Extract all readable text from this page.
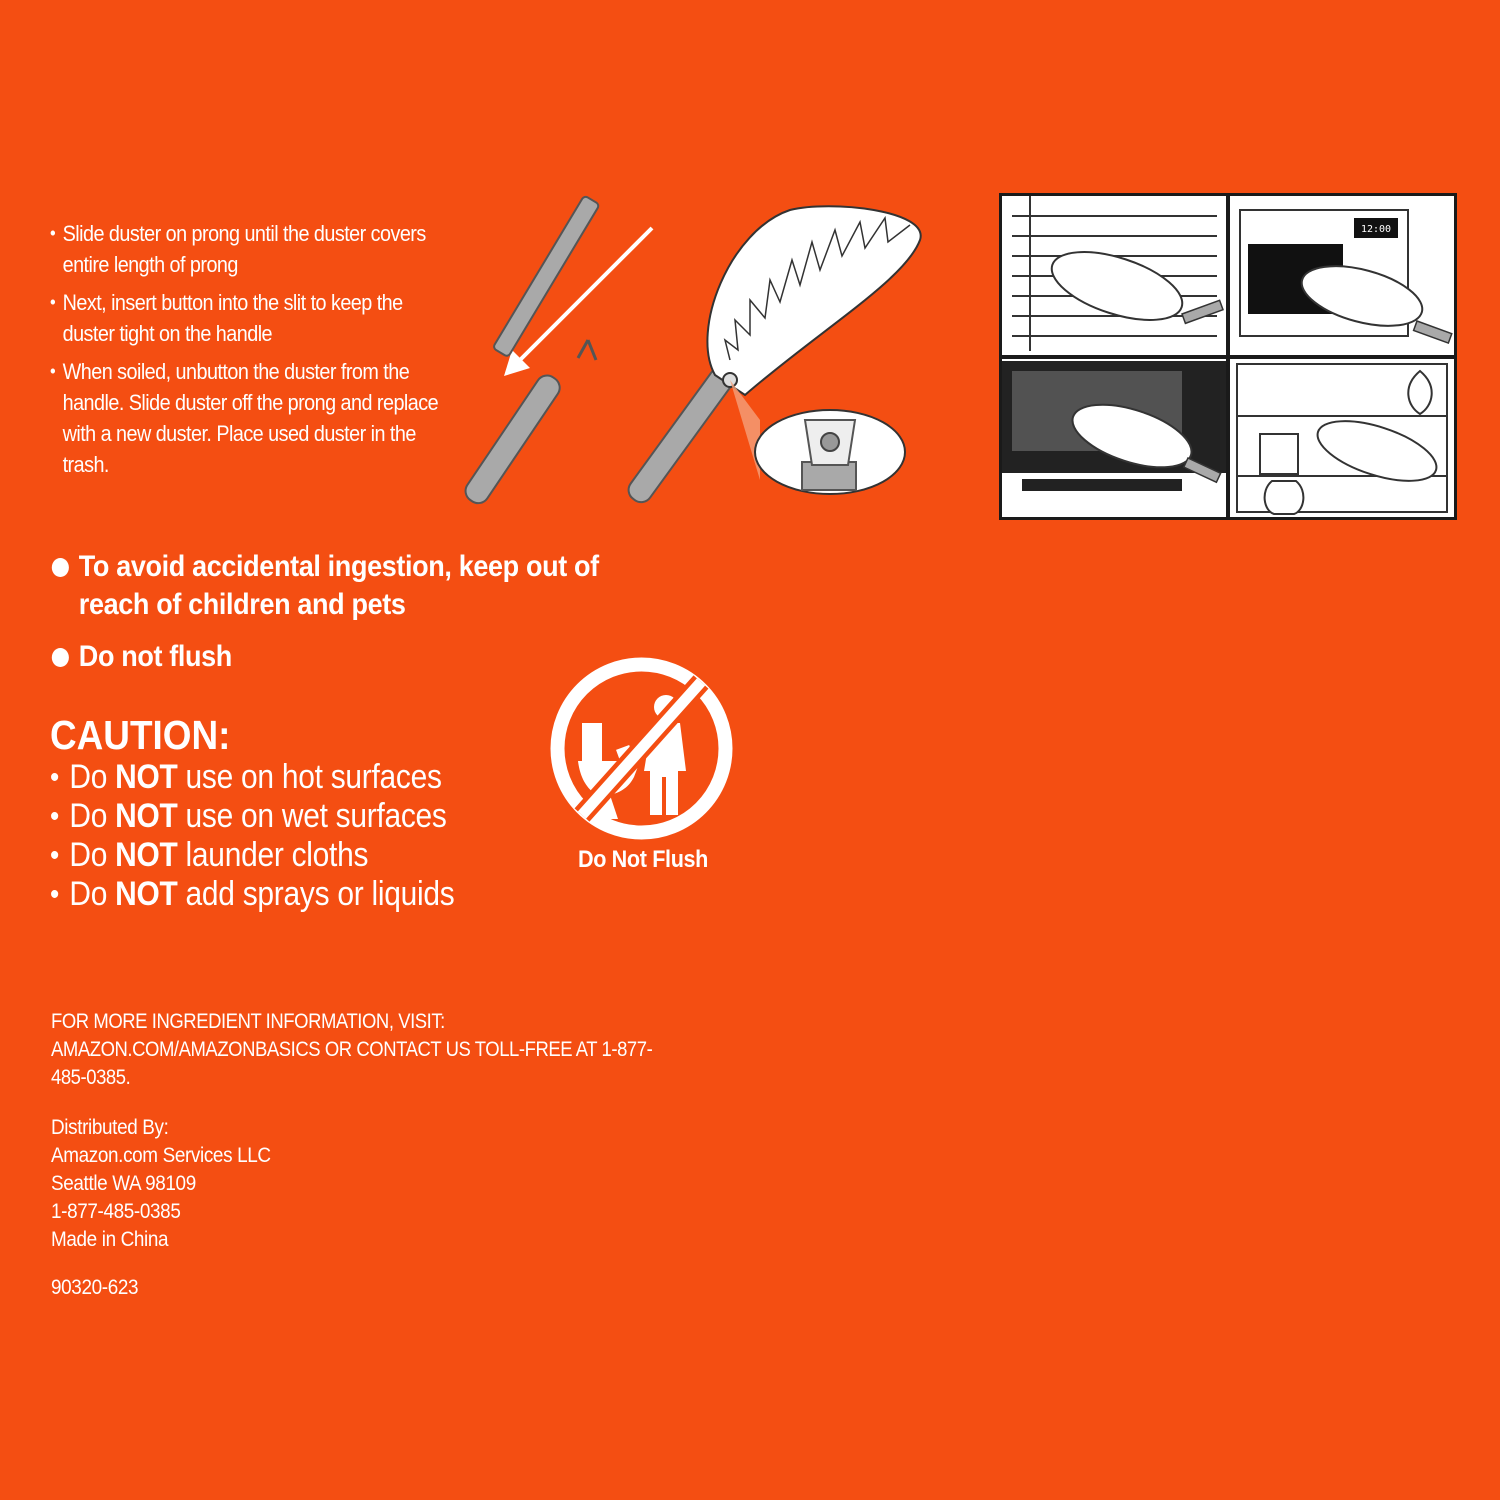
• Slide duster on prong until the duster covers entire length of prong
• Next, insert button into the slit to keep the duster tight on the handle
• When soiled, unbutton the duster from the handle. Slide duster off the prong and replace with a new duster. Place used duster in the trash.
12:00
To avoid accidental ingestion, keep out of reach of children and pets
Do not flush
CAUTION:
• Do NOT use on hot surfaces
• Do NOT use on wet surfaces
• Do NOT launder cloths
• Do NOT add sprays or liquids
Do Not Flush
FOR MORE INGREDIENT INFORMATION, VISIT: AMAZON.COM/AMAZONBASICS OR CONTACT US TOLL-FREE AT 1-877-485-0385.
Distributed By:
Amazon.com Services LLC
Seattle WA 98109
1-877-485-0385
Made in China
90320-623
